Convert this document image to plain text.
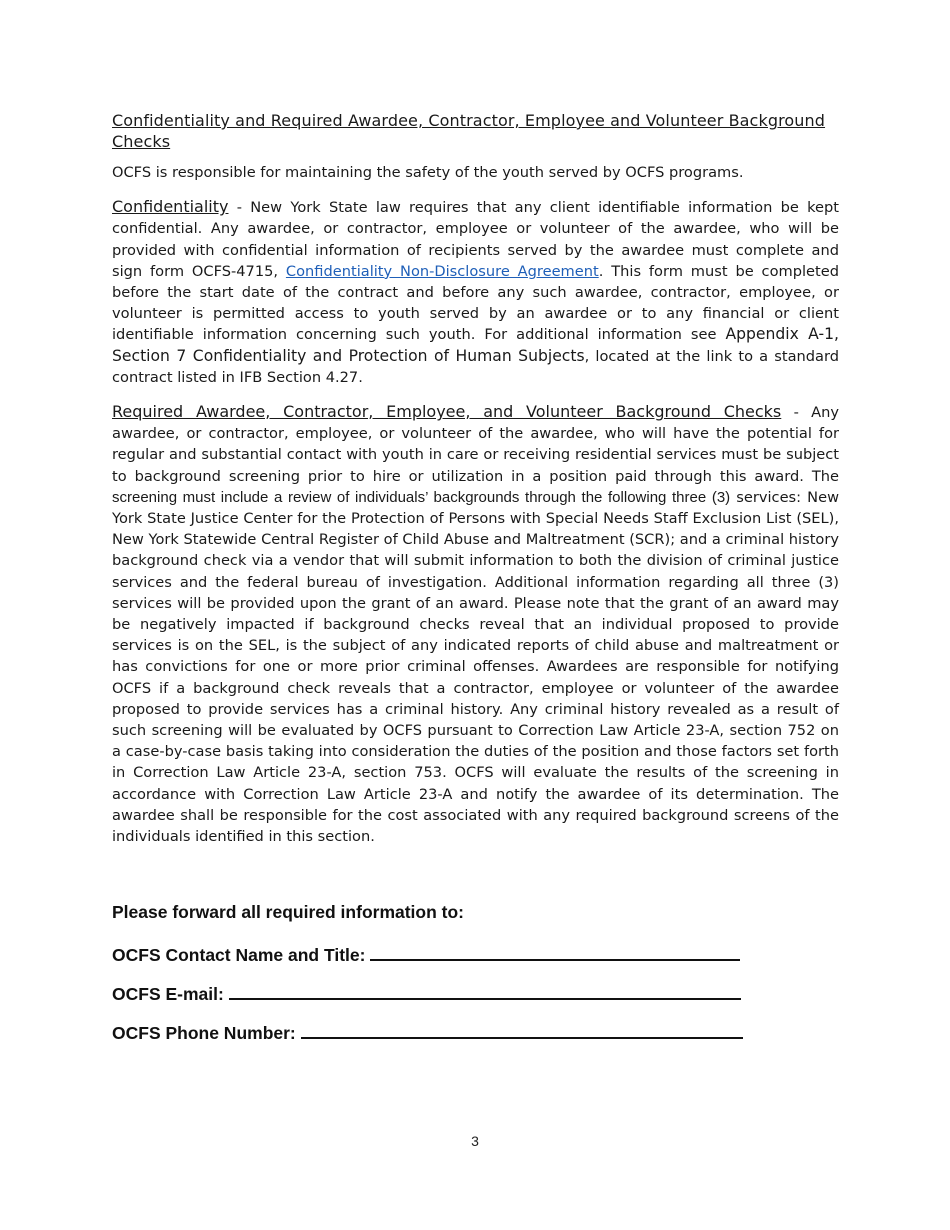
Confidentiality and Required Awardee, Contractor, Employee and Volunteer Background Checks

OCFS is responsible for maintaining the safety of the youth served by OCFS programs.

Confidentiality - New York State law requires that any client identifiable information be kept confidential. Any awardee, or contractor, employee or volunteer of the awardee, who will be provided with confidential information of recipients served by the awardee must complete and sign form OCFS-4715, Confidentiality Non-Disclosure Agreement. This form must be completed before the start date of the contract and before any such awardee, contractor, employee, or volunteer is permitted access to youth served by an awardee or to any financial or client identifiable information concerning such youth. For additional information see Appendix A-1, Section 7 Confidentiality and Protection of Human Subjects, located at the link to a standard contract listed in IFB Section 4.27.

Required Awardee, Contractor, Employee, and Volunteer Background Checks - Any awardee, or contractor, employee, or volunteer of the awardee, who will have the potential for regular and substantial contact with youth in care or receiving residential services must be subject to background screening prior to hire or utilization in a position paid through this award. The screening must include a review of individuals’ backgrounds through the following three (3) services: New York State Justice Center for the Protection of Persons with Special Needs Staff Exclusion List (SEL), New York Statewide Central Register of Child Abuse and Maltreatment (SCR); and a criminal history background check via a vendor that will submit information to both the division of criminal justice services and the federal bureau of investigation. Additional information regarding all three (3) services will be provided upon the grant of an award. Please note that the grant of an award may be negatively impacted if background checks reveal that an individual proposed to provide services is on the SEL, is the subject of any indicated reports of child abuse and maltreatment or has convictions for one or more prior criminal offenses. Awardees are responsible for notifying OCFS if a background check reveals that a contractor, employee or volunteer of the awardee proposed to provide services has a criminal history. Any criminal history revealed as a result of such screening will be evaluated by OCFS pursuant to Correction Law Article 23-A, section 752 on a case-by-case basis taking into consideration the duties of the position and those factors set forth in Correction Law Article 23-A, section 753. OCFS will evaluate the results of the screening in accordance with Correction Law Article 23-A and notify the awardee of its determination. The awardee shall be responsible for the cost associated with any required background screens of the individuals identified in this section.

Please forward all required information to:
OCFS Contact Name and Title:
OCFS E-mail:
OCFS Phone Number:
3
